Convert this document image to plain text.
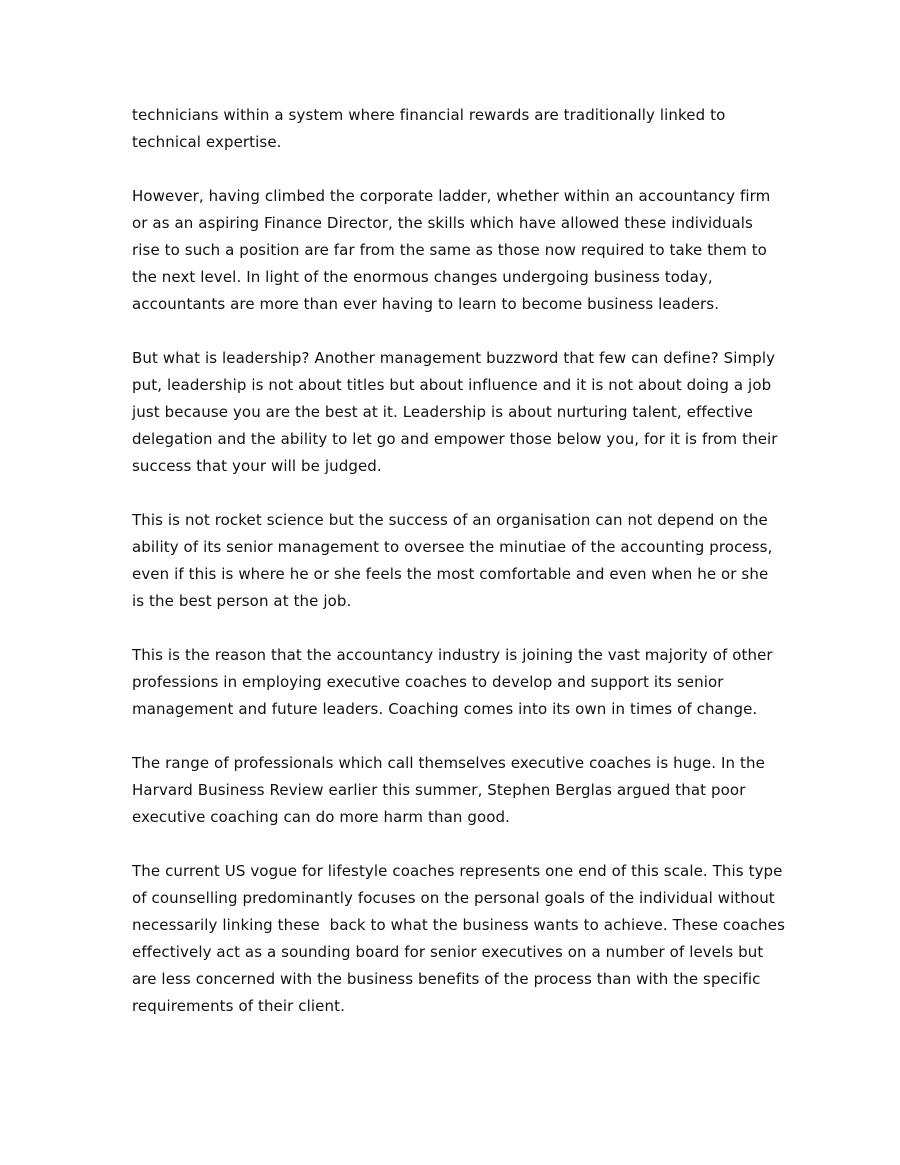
technicians within a system where financial rewards are traditionally linked to
technical expertise.
However, having climbed the corporate ladder, whether within an accountancy firm
or as an aspiring Finance Director, the skills which have allowed these individuals
rise to such a position are far from the same as those now required to take them to
the next level. In light of the enormous changes undergoing business today,
accountants are more than ever having to learn to become business leaders.
But what is leadership? Another management buzzword that few can define? Simply
put, leadership is not about titles but about influence and it is not about doing a job
just because you are the best at it. Leadership is about nurturing talent, effective
delegation and the ability to let go and empower those below you, for it is from their
success that your will be judged.
This is not rocket science but the success of an organisation can not depend on the
ability of its senior management to oversee the minutiae of the accounting process,
even if this is where he or she feels the most comfortable and even when he or she
is the best person at the job.
This is the reason that the accountancy industry is joining the vast majority of other
professions in employing executive coaches to develop and support its senior
management and future leaders. Coaching comes into its own in times of change.
The range of professionals which call themselves executive coaches is huge. In the
Harvard Business Review earlier this summer, Stephen Berglas argued that poor
executive coaching can do more harm than good.
The current US vogue for lifestyle coaches represents one end of this scale. This type
of counselling predominantly focuses on the personal goals of the individual without
necessarily linking these  back to what the business wants to achieve. These coaches
effectively act as a sounding board for senior executives on a number of levels but
are less concerned with the business benefits of the process than with the specific
requirements of their client.
